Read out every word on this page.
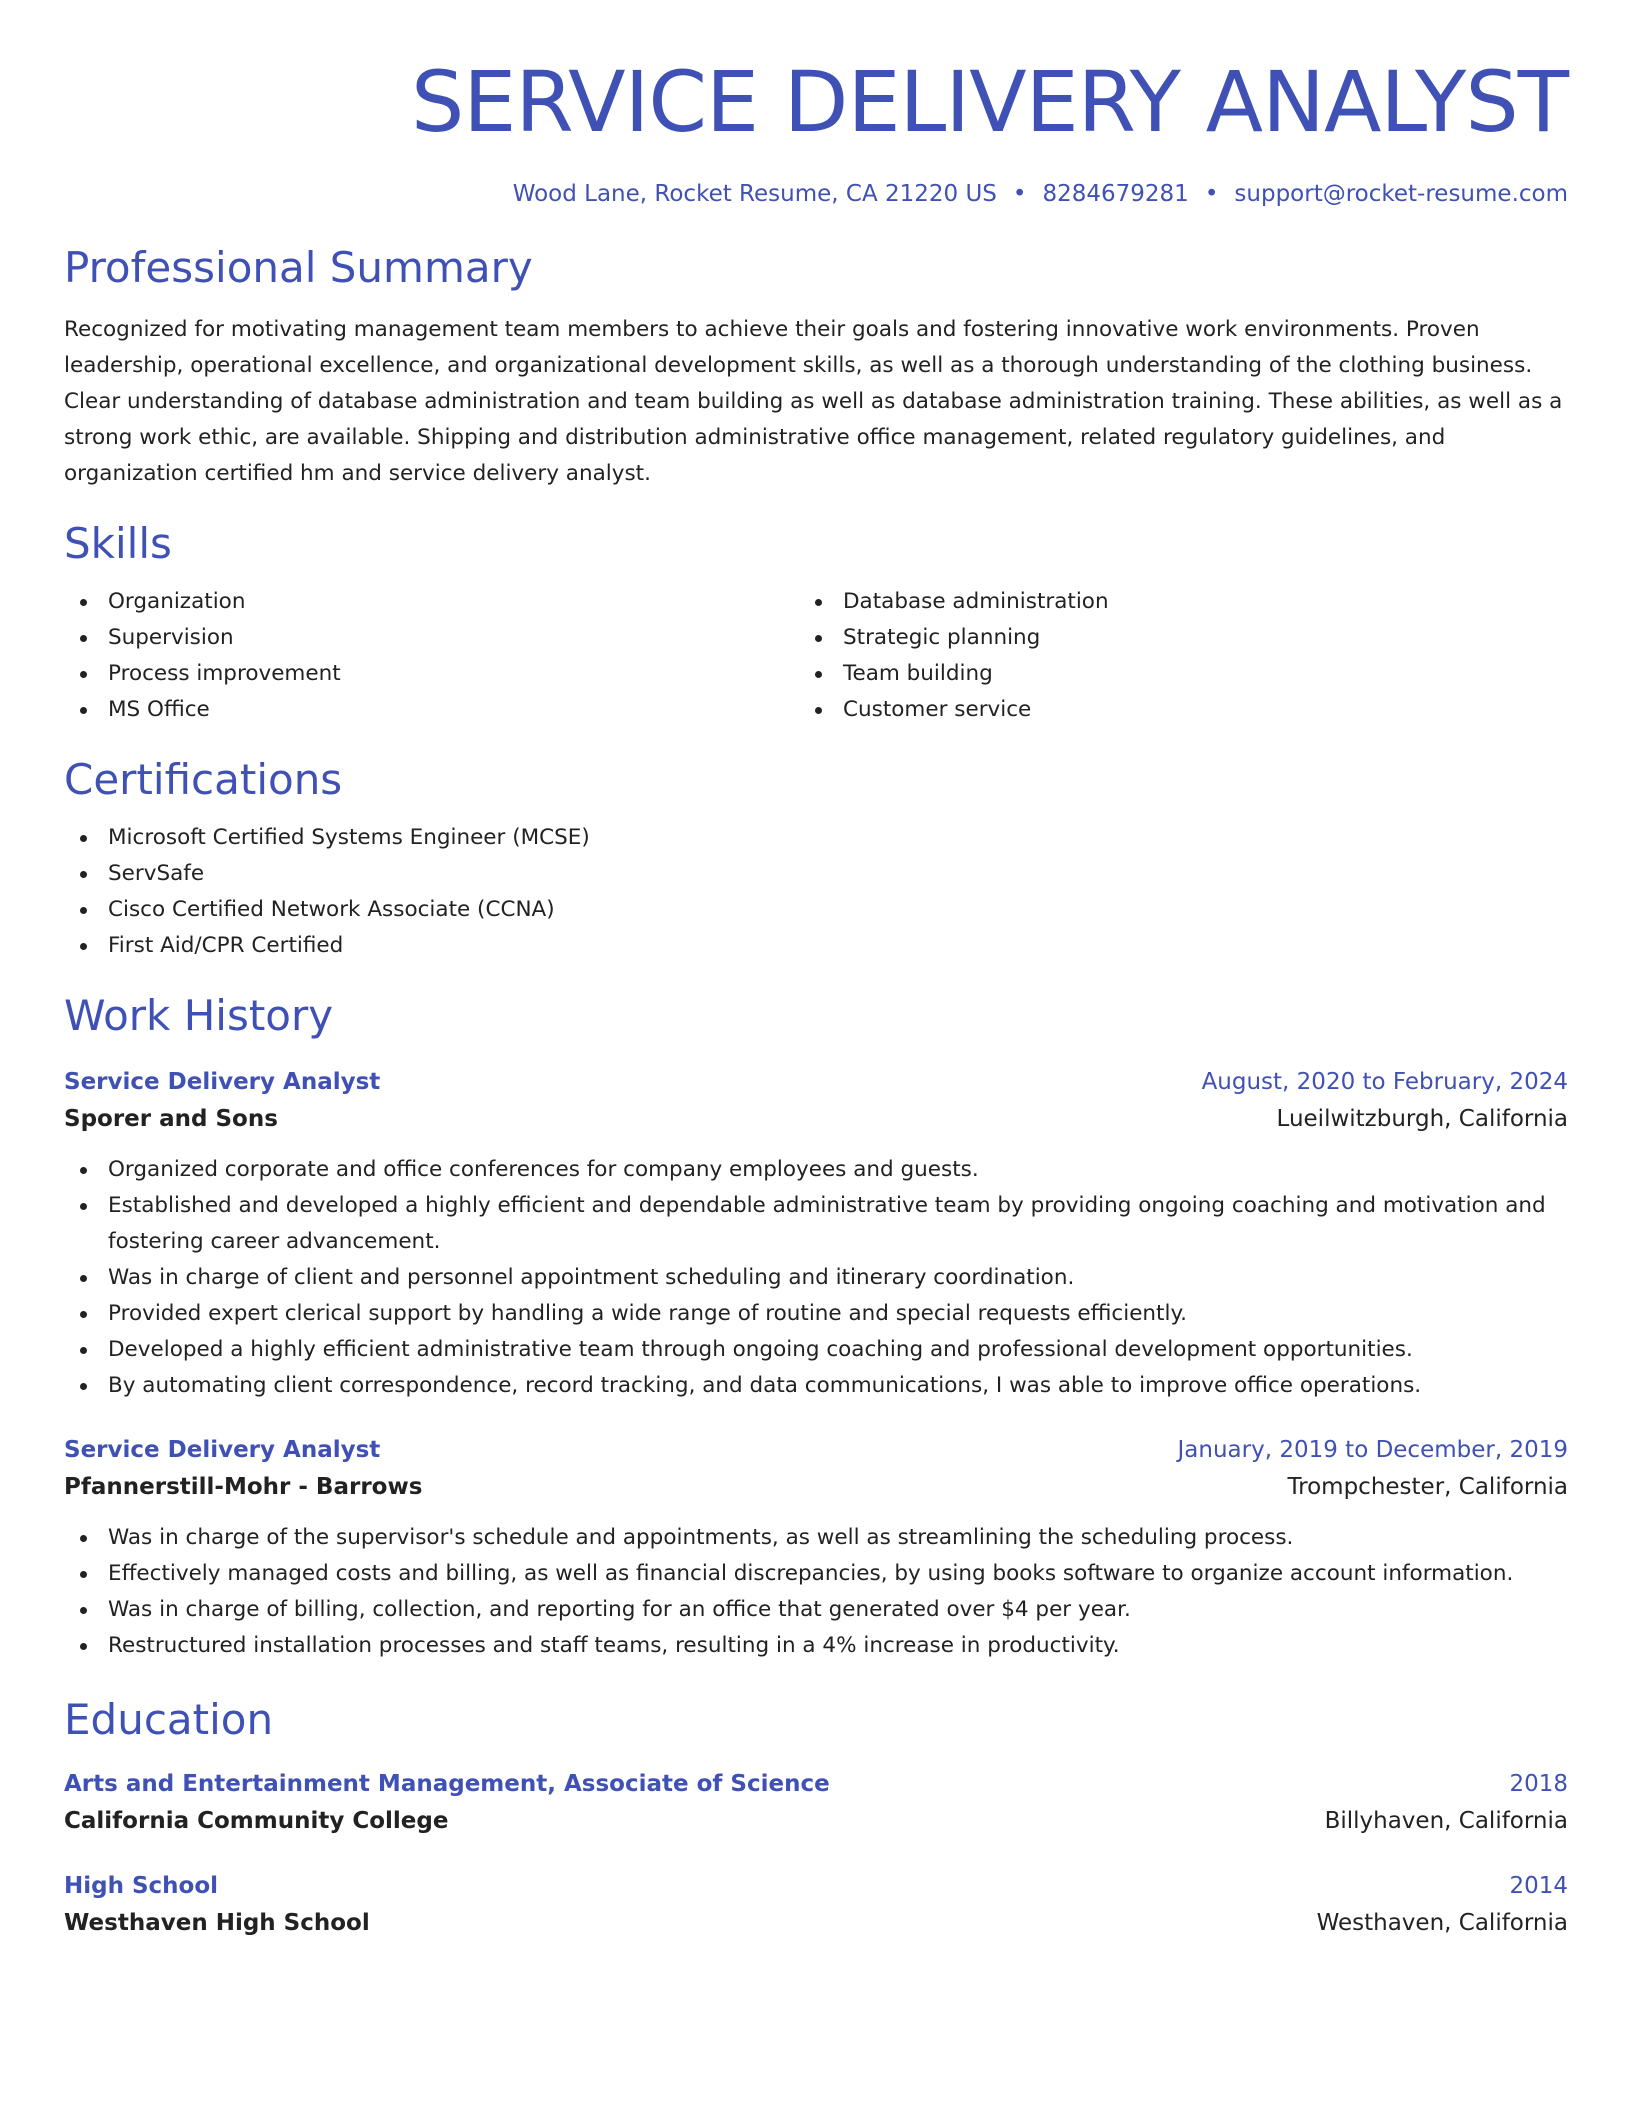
SERVICE DELIVERY ANALYST
Wood Lane, Rocket Resume, CA 21220 US • 8284679281 • support@rocket-resume.com
Professional Summary
Recognized for motivating management team members to achieve their goals and fostering innovative work environments. Proven leadership, operational excellence, and organizational development skills, as well as a thorough understanding of the clothing business. Clear understanding of database administration and team building as well as database administration training. These abilities, as well as a strong work ethic, are available. Shipping and distribution administrative office management, related regulatory guidelines, and organization certified hm and service delivery analyst.
Skills
Organization
Supervision
Process improvement
MS Office
Database administration
Strategic planning
Team building
Customer service
Certifications
Microsoft Certified Systems Engineer (MCSE)
ServSafe
Cisco Certified Network Associate (CCNA)
First Aid/CPR Certified
Work History
Service Delivery Analyst	August, 2020 to February, 2024
Sporer and Sons	Lueilwitzburgh, California
Organized corporate and office conferences for company employees and guests.
Established and developed a highly efficient and dependable administrative team by providing ongoing coaching and motivation and fostering career advancement.
Was in charge of client and personnel appointment scheduling and itinerary coordination.
Provided expert clerical support by handling a wide range of routine and special requests efficiently.
Developed a highly efficient administrative team through ongoing coaching and professional development opportunities.
By automating client correspondence, record tracking, and data communications, I was able to improve office operations.
Service Delivery Analyst	January, 2019 to December, 2019
Pfannerstill-Mohr - Barrows	Trompchester, California
Was in charge of the supervisor's schedule and appointments, as well as streamlining the scheduling process.
Effectively managed costs and billing, as well as financial discrepancies, by using books software to organize account information.
Was in charge of billing, collection, and reporting for an office that generated over $4 per year.
Restructured installation processes and staff teams, resulting in a 4% increase in productivity.
Education
Arts and Entertainment Management, Associate of Science	2018
California Community College	Billyhaven, California
High School	2014
Westhaven High School	Westhaven, California
